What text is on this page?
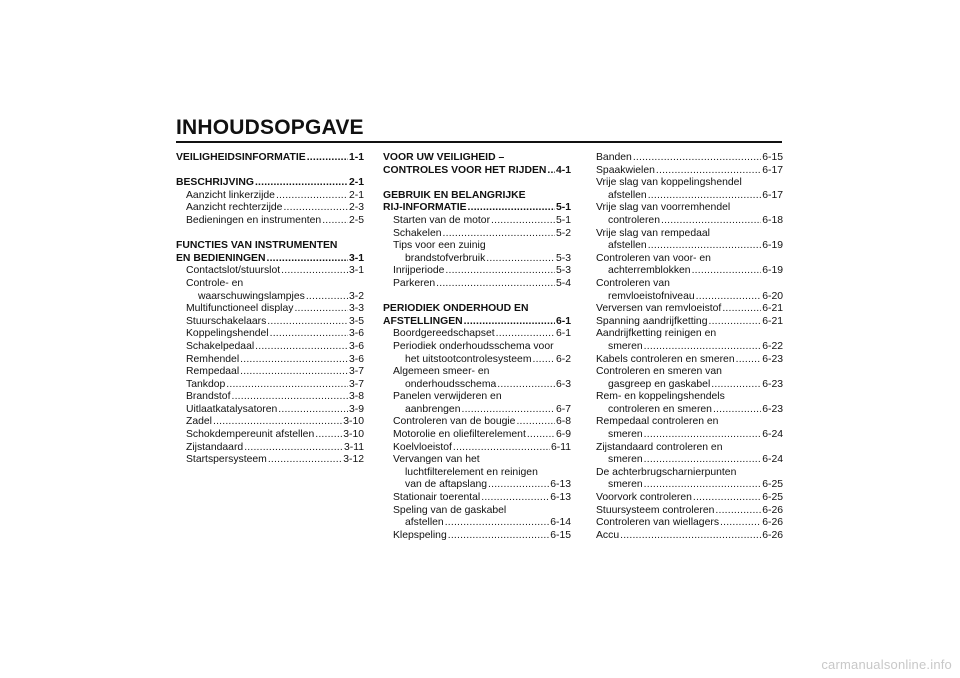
INHOUDSOPGAVE
VEILIGHEIDSINFORMATIE .....	1-1
BESCHRIJVING .....	2-1
Aanzicht linkerzijde .....	2-1
Aanzicht rechterzijde .....	2-3
Bedieningen en instrumenten .....	2-5
FUNCTIES VAN INSTRUMENTEN
EN BEDIENINGEN .....	3-1
Contactslot/stuurslot .....	3-1
Controle- en
waarschuwingslampjes .....	3-2
Multifunctioneel display .....	3-3
Stuurschakelaars .....	3-5
Koppelingshendel .....	3-6
Schakelpedaal .....	3-6
Remhendel .....	3-6
Rempedaal .....	3-7
Tankdop .....	3-7
Brandstof .....	3-8
Uitlaatkatalysatoren .....	3-9
Zadel .....	3-10
Schokdempereunit afstellen .....	3-10
Zijstandaard .....	3-11
Startspersysteem .....	3-12
VOOR UW VEILIGHEID –
CONTROLES VOOR HET RIJDEN ..... 4-1
GEBRUIK EN BELANGRIJKE
RIJ-INFORMATIE .....	5-1
Starten van de motor .....	5-1
Schakelen .....	5-2
Tips voor een zuinig
brandstofverbruik .....	5-3
Inrijperiode .....	5-3
Parkeren .....	5-4
PERIODIEK ONDERHOUD EN
AFSTELLINGEN .....	6-1
Boordgereedschapset .....	6-1
Periodiek onderhoudsschema voor
het uitstootcontrolesysteem ..... 6-2
Algemeen smeer- en
onderhoudsschema .....	6-3
Panelen verwijderen en
aanbrengen .....	6-7
Controleren van de bougie .....	6-8
Motorolie en oliefilterelement .....	6-9
Koelvloeistof .....	6-11
Vervangen van het
luchtfilterelement en reinigen
van de aftapslang .....	6-13
Stationair toerental .....	6-13
Speling van de gaskabel
afstellen .....	6-14
Klepspeling .....	6-15
Banden .....	6-15
Spaakwielen .....	6-17
Vrije slag van koppelingshendel
afstellen .....	6-17
Vrije slag van voorremhendel
controleren .....	6-18
Vrije slag van rempedaal
afstellen .....	6-19
Controleren van voor- en
achterremblokken .....	6-19
Controleren van
remvloeistofniveau .....	6-20
Verversen van remvloeistof .....	6-21
Spanning aandrijfketting .....	6-21
Aandrijfketting reinigen en
smeren .....	6-22
Kabels controleren en smeren .....	6-23
Controleren en smeren van
gasgreep en gaskabel .....	6-23
Rem- en koppelingshendels
controleren en smeren .....	6-23
Rempedaal controleren en
smeren .....	6-24
Zijstandaard controleren en
smeren .....	6-24
De achterbrugscharnierpunten
smeren .....	6-25
Voorvork controleren .....	6-25
Stuursysteem controleren .....	6-26
Controleren van wiellagers .....	6-26
Accu .....	6-26
carmanualsonline.info
